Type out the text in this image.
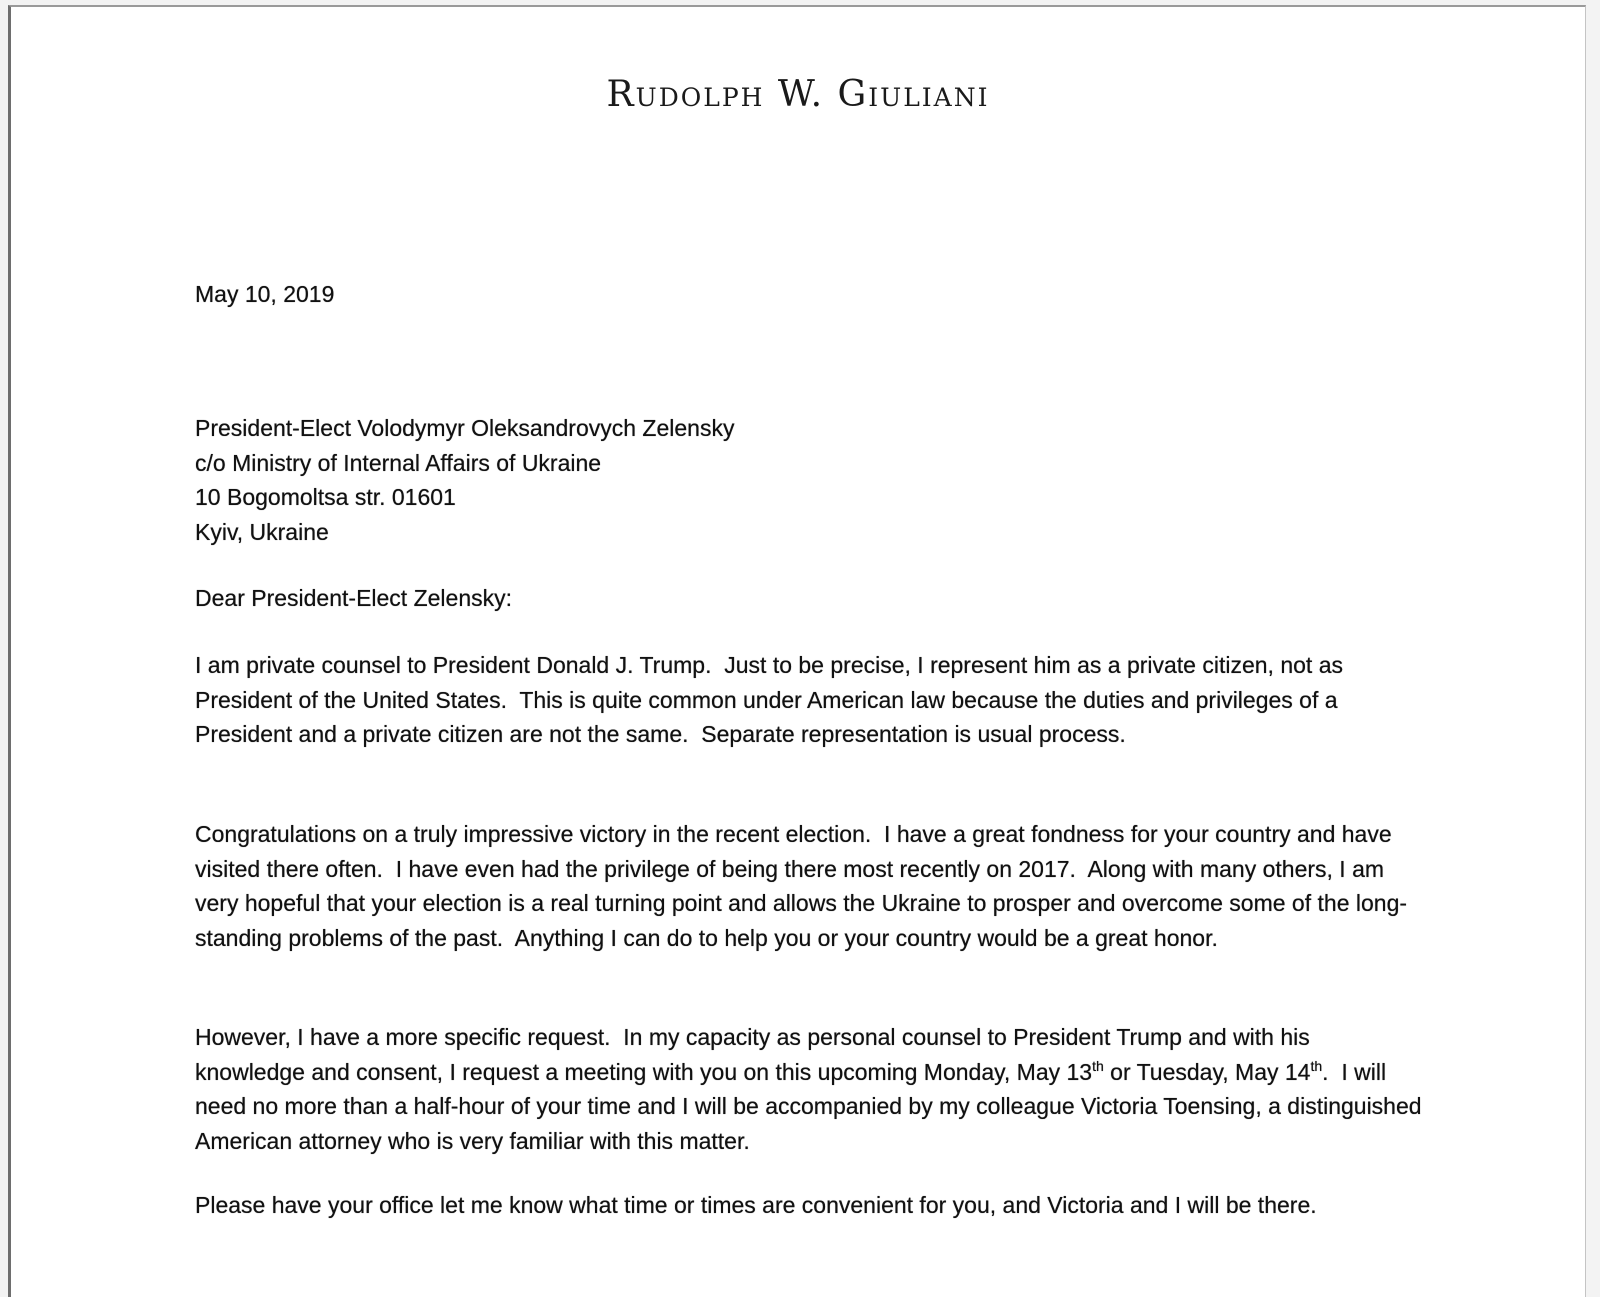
Rudolph W. Giuliani
May 10, 2019
President-Elect Volodymyr Oleksandrovych Zelensky
c/o Ministry of Internal Affairs of Ukraine
10 Bogomoltsa str. 01601
Kyiv, Ukraine
Dear President-Elect Zelensky:
I am private counsel to President Donald J. Trump.  Just to be precise, I represent him as a private citizen, not as President of the United States.  This is quite common under American law because the duties and privileges of a President and a private citizen are not the same.  Separate representation is usual process.
Congratulations on a truly impressive victory in the recent election.  I have a great fondness for your country and have visited there often.  I have even had the privilege of being there most recently on 2017.  Along with many others, I am very hopeful that your election is a real turning point and allows the Ukraine to prosper and overcome some of the long-standing problems of the past.  Anything I can do to help you or your country would be a great honor.
However, I have a more specific request.  In my capacity as personal counsel to President Trump and with his knowledge and consent, I request a meeting with you on this upcoming Monday, May 13th or Tuesday, May 14th.  I will need no more than a half-hour of your time and I will be accompanied by my colleague Victoria Toensing, a distinguished American attorney who is very familiar with this matter.
Please have your office let me know what time or times are convenient for you, and Victoria and I will be there.
